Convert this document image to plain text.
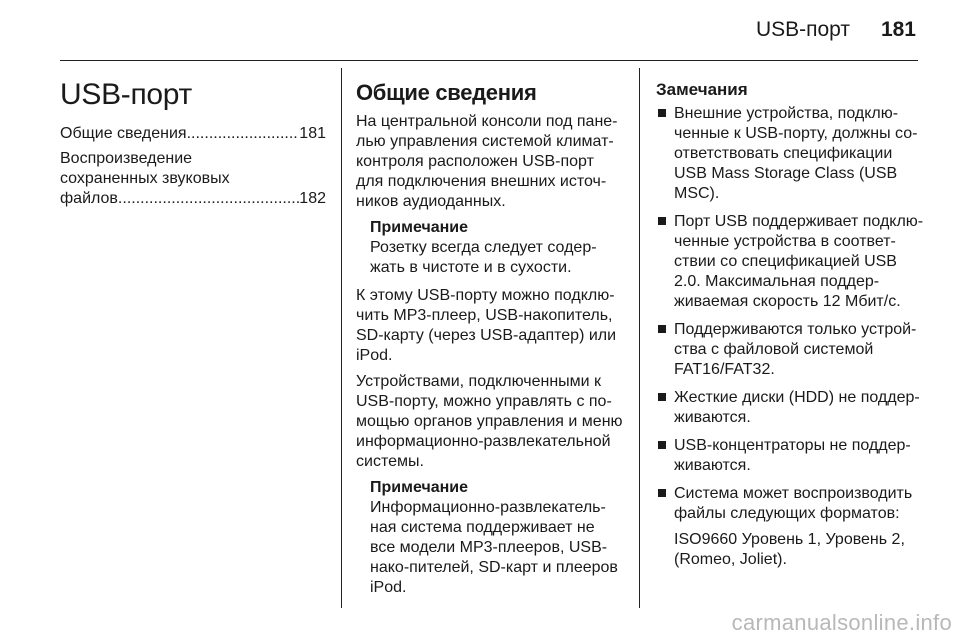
USB-порт 181
USB-порт
Общие сведения .....	181
Воспроизведение
сохраненных звуковых
файлов .....	182
Общие сведения

На центральной консоли под пане-лью управления системой климат-контроля расположен USB-порт для подключения внешних источ-ников аудиоданных.

Примечание

Розетку всегда следует содер-жать в чистоте и в сухости.

К этому USB-порту можно подклю-чить MP3-плеер, USB-накопитель, SD-карту (через USB-адаптер) или iPod.

Устройствами, подключенными к USB-порту, можно управлять с по-мощью органов управления и меню информационно-развлекательной системы.

Примечание

Информационно-развлекатель-ная система поддерживает не все модели MP3-плееров, USB-нако-пителей, SD-карт и плееров iPod.

Замечания
Внешние устройства, подклю-ченные к USB-порту, должны со-ответствовать спецификации USB Mass Storage Class (USB MSC).
Порт USB поддерживает подклю-ченные устройства в соответ-ствии со спецификацией USB 2.0. Максимальная поддер-живаемая скорость 12 Мбит/с.
Поддерживаются только устрой-ства с файловой системой FAT16/FAT32.
Жесткие диски (HDD) не поддер-живаются.
USB-концентраторы не поддер-живаются.
Система может воспроизводить файлы следующих форматов:
ISO9660 Уровень 1, Уровень 2, (Romeo, Joliet).
carmanualsonline.info
